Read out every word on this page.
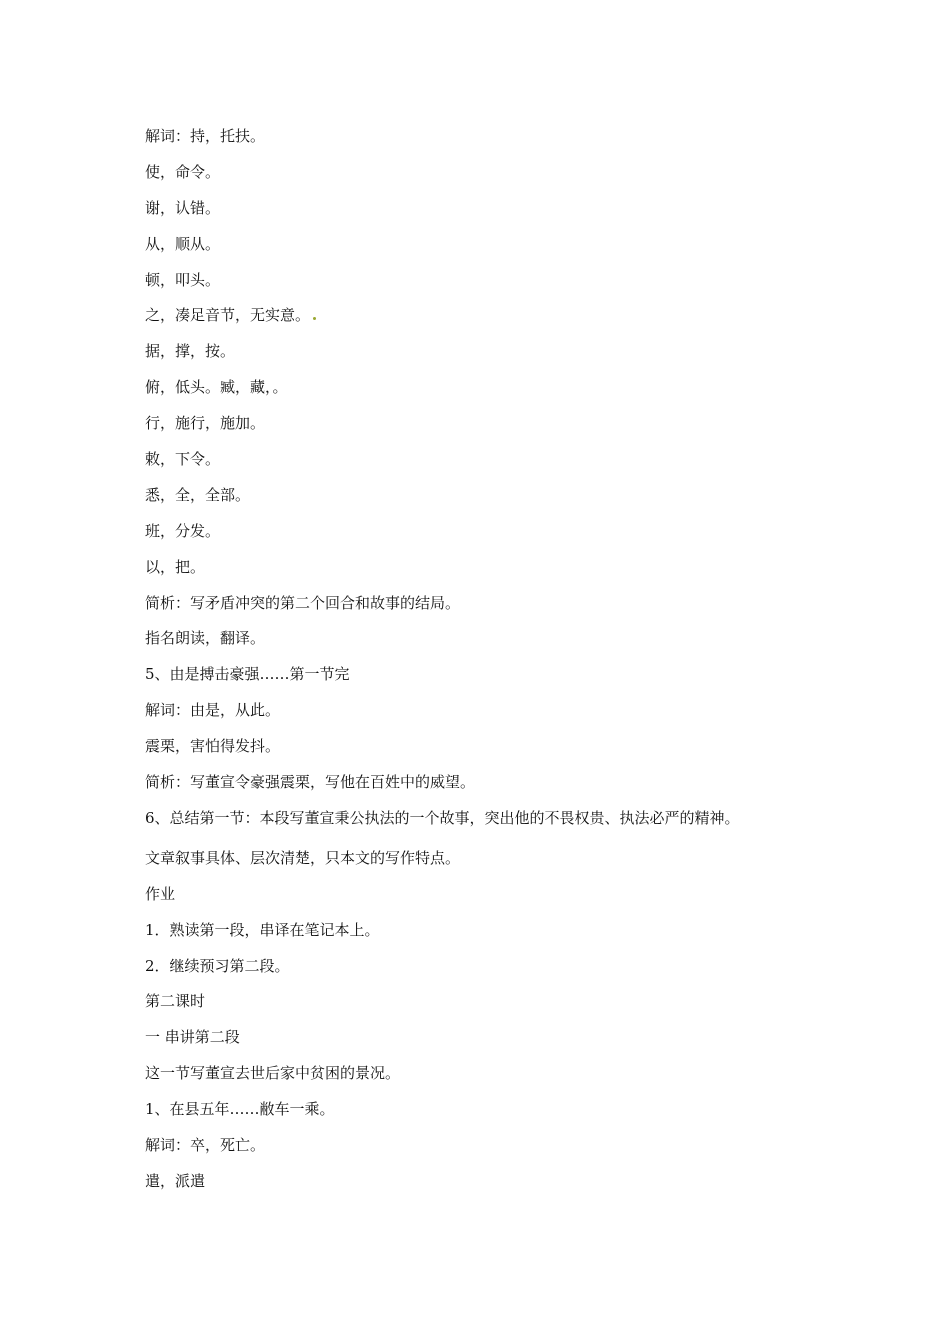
解词：持，托扶。
使，命令。
谢，认错。
从，顺从。
顿，叩头。
之，凑足音节，无实意。
据，撑，按。
俯，低头。臧，藏，。
行，施行，施加。
敕，下令。
悉，全，全部。
班，分发。
以，把。
简析：写矛盾冲突的第二个回合和故事的结局。
指名朗读，翻译。
5、由是搏击豪强……第一节完
解词：由是，从此。
震栗，害怕得发抖。
简析：写董宣令豪强震栗，写他在百姓中的威望。
6、总结第一节：本段写董宣秉公执法的一个故事，突出他的不畏权贵、执法必严的精神。
文章叙事具体、层次清楚，只本文的写作特点。
作业
1．熟读第一段，串译在笔记本上。
2．继续预习第二段。
第二课时
一 串讲第二段
这一节写董宣去世后家中贫困的景况。
1、在县五年……敝车一乘。
解词：卒，死亡。
遣，派遣
